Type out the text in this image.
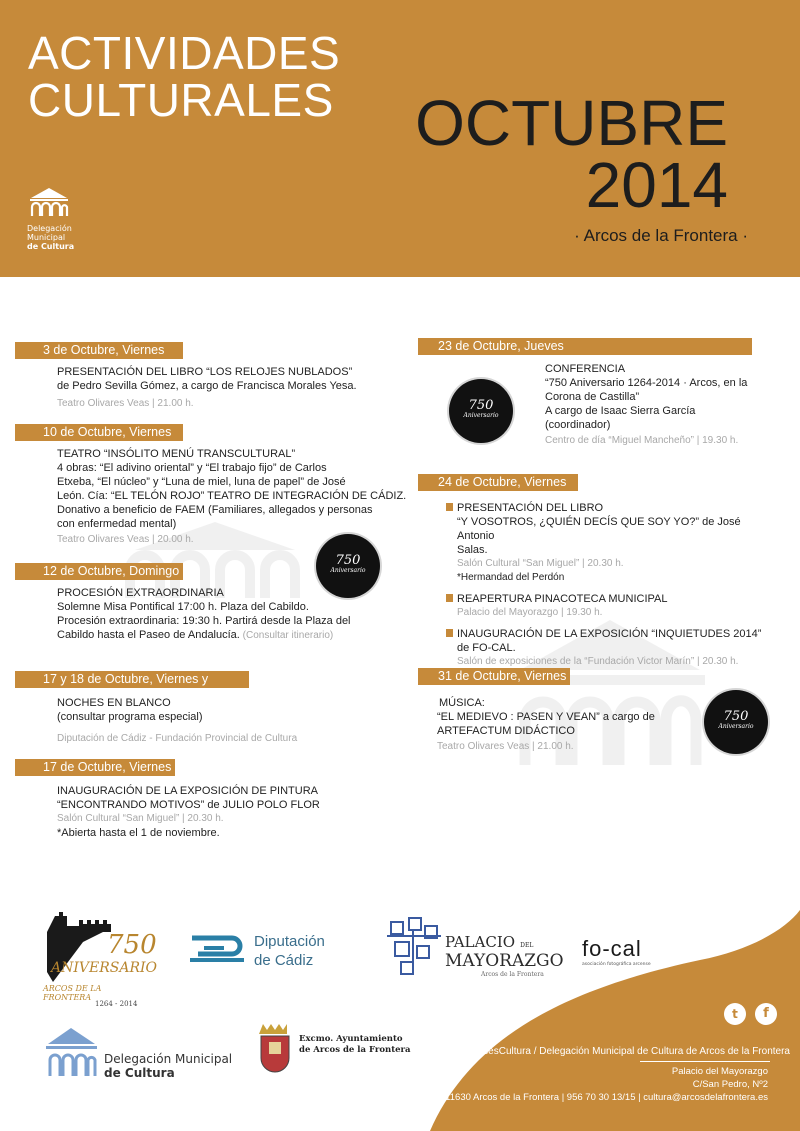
ACTIVIDADES
CULTURALES
Delegación
Municipal
de Cultura
OCTUBRE
2014
· Arcos de la Frontera ·
3 de Octubre, Viernes
PRESENTACIÓN DEL LIBRO “LOS RELOJES NUBLADOS”
de Pedro Sevilla Gómez, a cargo de Francisca Morales Yesa.
Teatro Olivares Veas | 21.00 h.
10 de Octubre, Viernes
TEATRO “INSÓLITO MENÚ TRANSCULTURAL”
4 obras: “El adivino oriental” y “El trabajo fijo” de Carlos
Etxeba, “El núcleo” y “Luna de miel, luna de papel” de José
León. Cía: “EL TELÓN ROJO” TEATRO DE INTEGRACIÓN DE CÁDIZ.
Donativo a beneficio de FAEM (Familiares, allegados y personas
con enfermedad mental)
Teatro Olivares Veas | 20.00 h.
750
Aniversario
12 de Octubre, Domingo
PROCESIÓN EXTRAORDINARIA
Solemne Misa Pontifical 17:00 h. Plaza del Cabildo.
Procesión extraordinaria: 19:30 h. Partirá desde la Plaza del
Cabildo hasta el Paseo de Andalucía. (Consultar itinerario)
17 y 18 de Octubre, Viernes y Sábado
NOCHES EN BLANCO
(consultar programa especial)
Diputación de Cádiz - Fundación Provincial de Cultura
17 de Octubre, Viernes
INAUGURACIÓN DE LA EXPOSICIÓN DE PINTURA
“ENCONTRANDO MOTIVOS” de JULIO POLO FLOR
Salón Cultural “San Miguel” | 20.30 h.
*Abierta hasta el 1 de noviembre.
23 de Octubre, Jueves
750
Aniversario
CONFERENCIA
“750 Aniversario 1264-2014 · Arcos, en la
Corona de Castilla”
A cargo de Isaac Sierra García
(coordinador)
Centro de día “Miguel Mancheño” | 19.30 h.
24 de Octubre, Viernes
PRESENTACIÓN DEL LIBRO
“Y VOSOTROS, ¿QUIÉN DECÍS QUE SOY YO?” de José Antonio
Salas.
Salón Cultural “San Miguel” | 20.30 h.
*Hermandad del Perdón
REAPERTURA PINACOTECA MUNICIPAL
Palacio del Mayorazgo | 19.30 h.
INAUGURACIÓN DE LA EXPOSICIÓN “INQUIETUDES 2014”
de FO-CAL.
Salón de exposiciones de la “Fundación Victor Marín” | 20.30 h.
31 de Octubre, Viernes
MÚSICA:
“EL MEDIEVO : PASEN Y VEAN” a cargo de
ARTEFACTUM DIDÁCTICO
Teatro Olivares Veas | 21.00 h.
750
Aniversario
750
ANIVERSARIO
ARCOS DE LA FRONTERA
1264 - 2014
Diputación
de Cádiz
PALACIO DEL
MAYORAZGO
Arcos de la Frontera
fo-cal
asociación fotográfica arcense
t	f
Delegación Municipal
de Cultura
Excmo. Ayuntamiento
de Arcos de la Frontera	@ArcosesCultura / Delegación Municipal de Cultura de Arcos de la Frontera
Palacio del Mayorazgo
C/San Pedro, Nº2
11630 Arcos de la Frontera | 956 70 30 13/15 | cultura@arcosdelafrontera.es
